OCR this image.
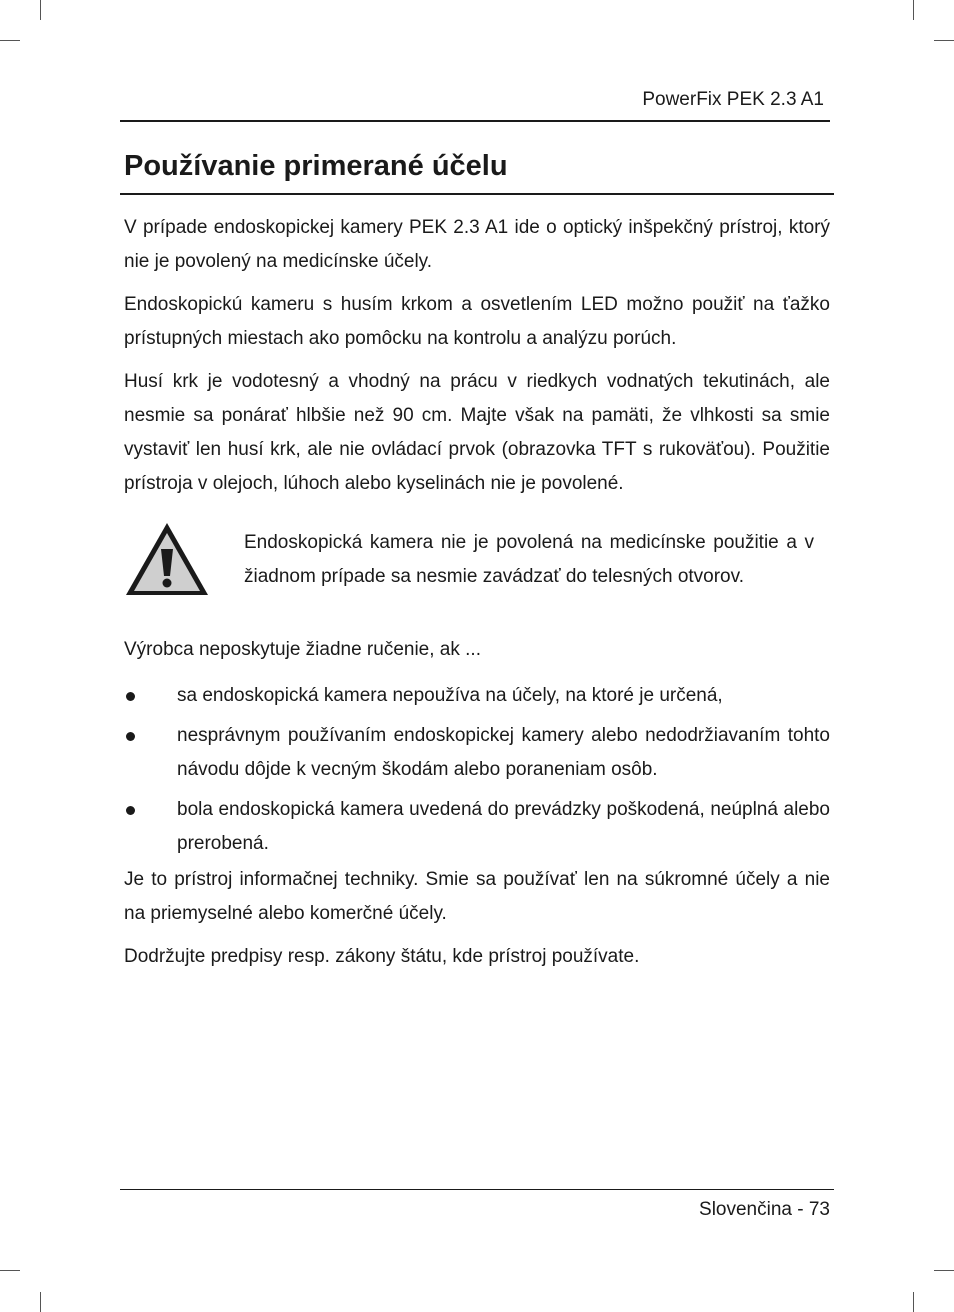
PowerFix PEK 2.3 A1
Používanie primerané účelu

V prípade endoskopickej kamery PEK 2.3 A1 ide o optický inšpekčný prístroj, ktorý nie je povolený na medicínske účely.

Endoskopickú kameru s husím krkom a osvetlením LED možno použiť na ťažko prístupných miestach ako pomôcku na kontrolu a analýzu porúch.

Husí krk je vodotesný a vhodný na prácu v riedkych vodnatých tekutinách, ale nesmie sa ponárať hlbšie než 90 cm. Majte však na pamäti, že vlhkosti sa smie vystaviť len husí krk, ale nie ovládací prvok (obrazovka TFT s rukoväťou). Použitie prístroja v olejoch, lúhoch alebo kyselinách nie je povolené.

Endoskopická kamera nie je povolená na medicínske použitie a v žiadnom prípade sa nesmie zavádzať do telesných otvorov.

Výrobca neposkytuje žiadne ručenie, ak ...

sa endoskopická kamera nepoužíva na účely, na ktoré je určená,
nesprávnym používaním endoskopickej kamery alebo nedodržiavaním tohto návodu dôjde k vecným škodám alebo poraneniam osôb.
bola endoskopická kamera uvedená do prevádzky poškodená, neúplná alebo prerobená.

Je to prístroj informačnej techniky. Smie sa používať len na súkromné účely a nie na priemyselné alebo komerčné účely.

Dodržujte predpisy resp. zákony štátu, kde prístroj používate.

Slovenčina - 73
